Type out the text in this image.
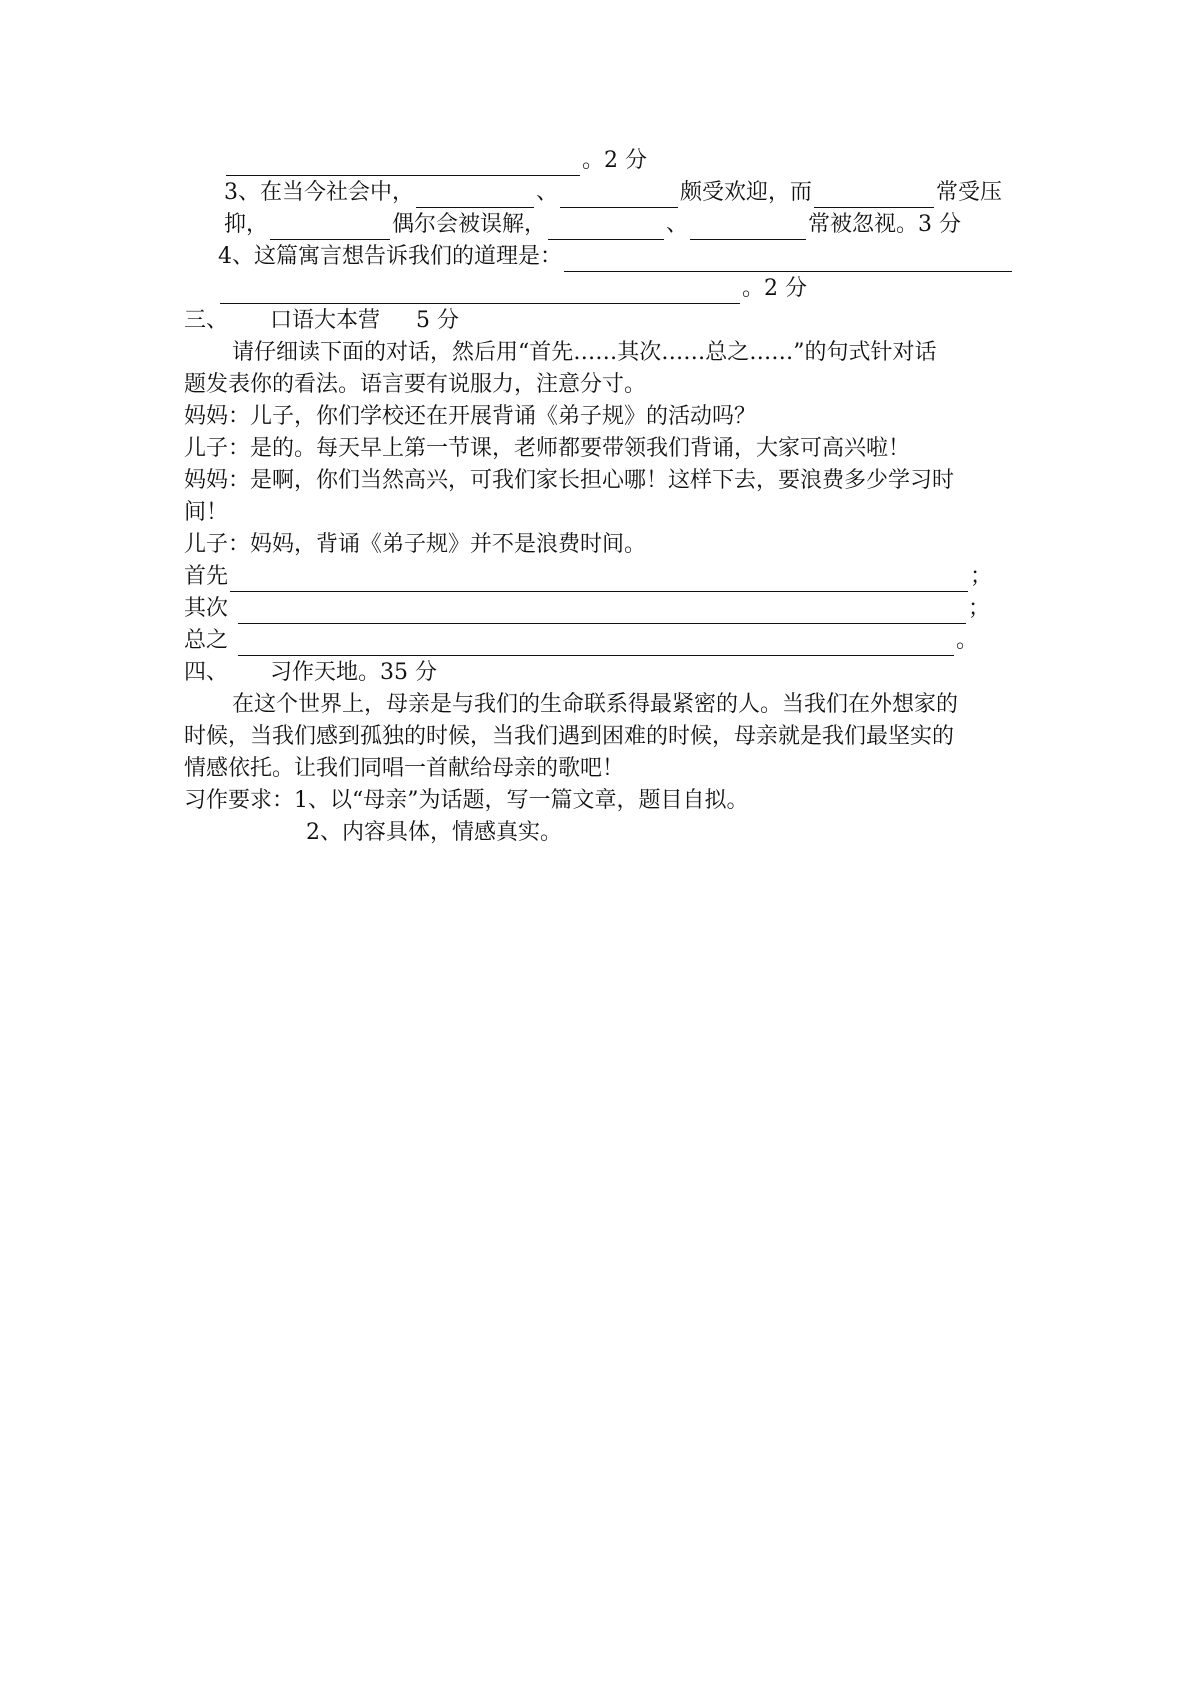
。2 分
3、在当今社会中，	、	颇受欢迎，而	常受压
抑，	偶尔会被误解，	、	常被忽视。3 分
4、这篇寓言想告诉我们的道理是：
。2 分
三、 口语大本营 5 分
请仔细读下面的对话，然后用“首先……其次……总之……”的句式针对话
题发表你的看法。语言要有说服力，注意分寸。
妈妈：儿子，你们学校还在开展背诵《弟子规》的活动吗？
儿子：是的。每天早上第一节课，老师都要带领我们背诵，大家可高兴啦！
妈妈：是啊，你们当然高兴，可我们家长担心哪！这样下去，要浪费多少学习时
间！
儿子：妈妈，背诵《弟子规》并不是浪费时间。
首先	；
其次	；
总之	。
四、 习作天地。35 分
在这个世界上，母亲是与我们的生命联系得最紧密的人。当我们在外想家的
时候，当我们感到孤独的时候，当我们遇到困难的时候，母亲就是我们最坚实的
情感依托。让我们同唱一首献给母亲的歌吧！
习作要求： 1、以“母亲”为话题，写一篇文章，题目自拟。
2、内容具体，情感真实。
